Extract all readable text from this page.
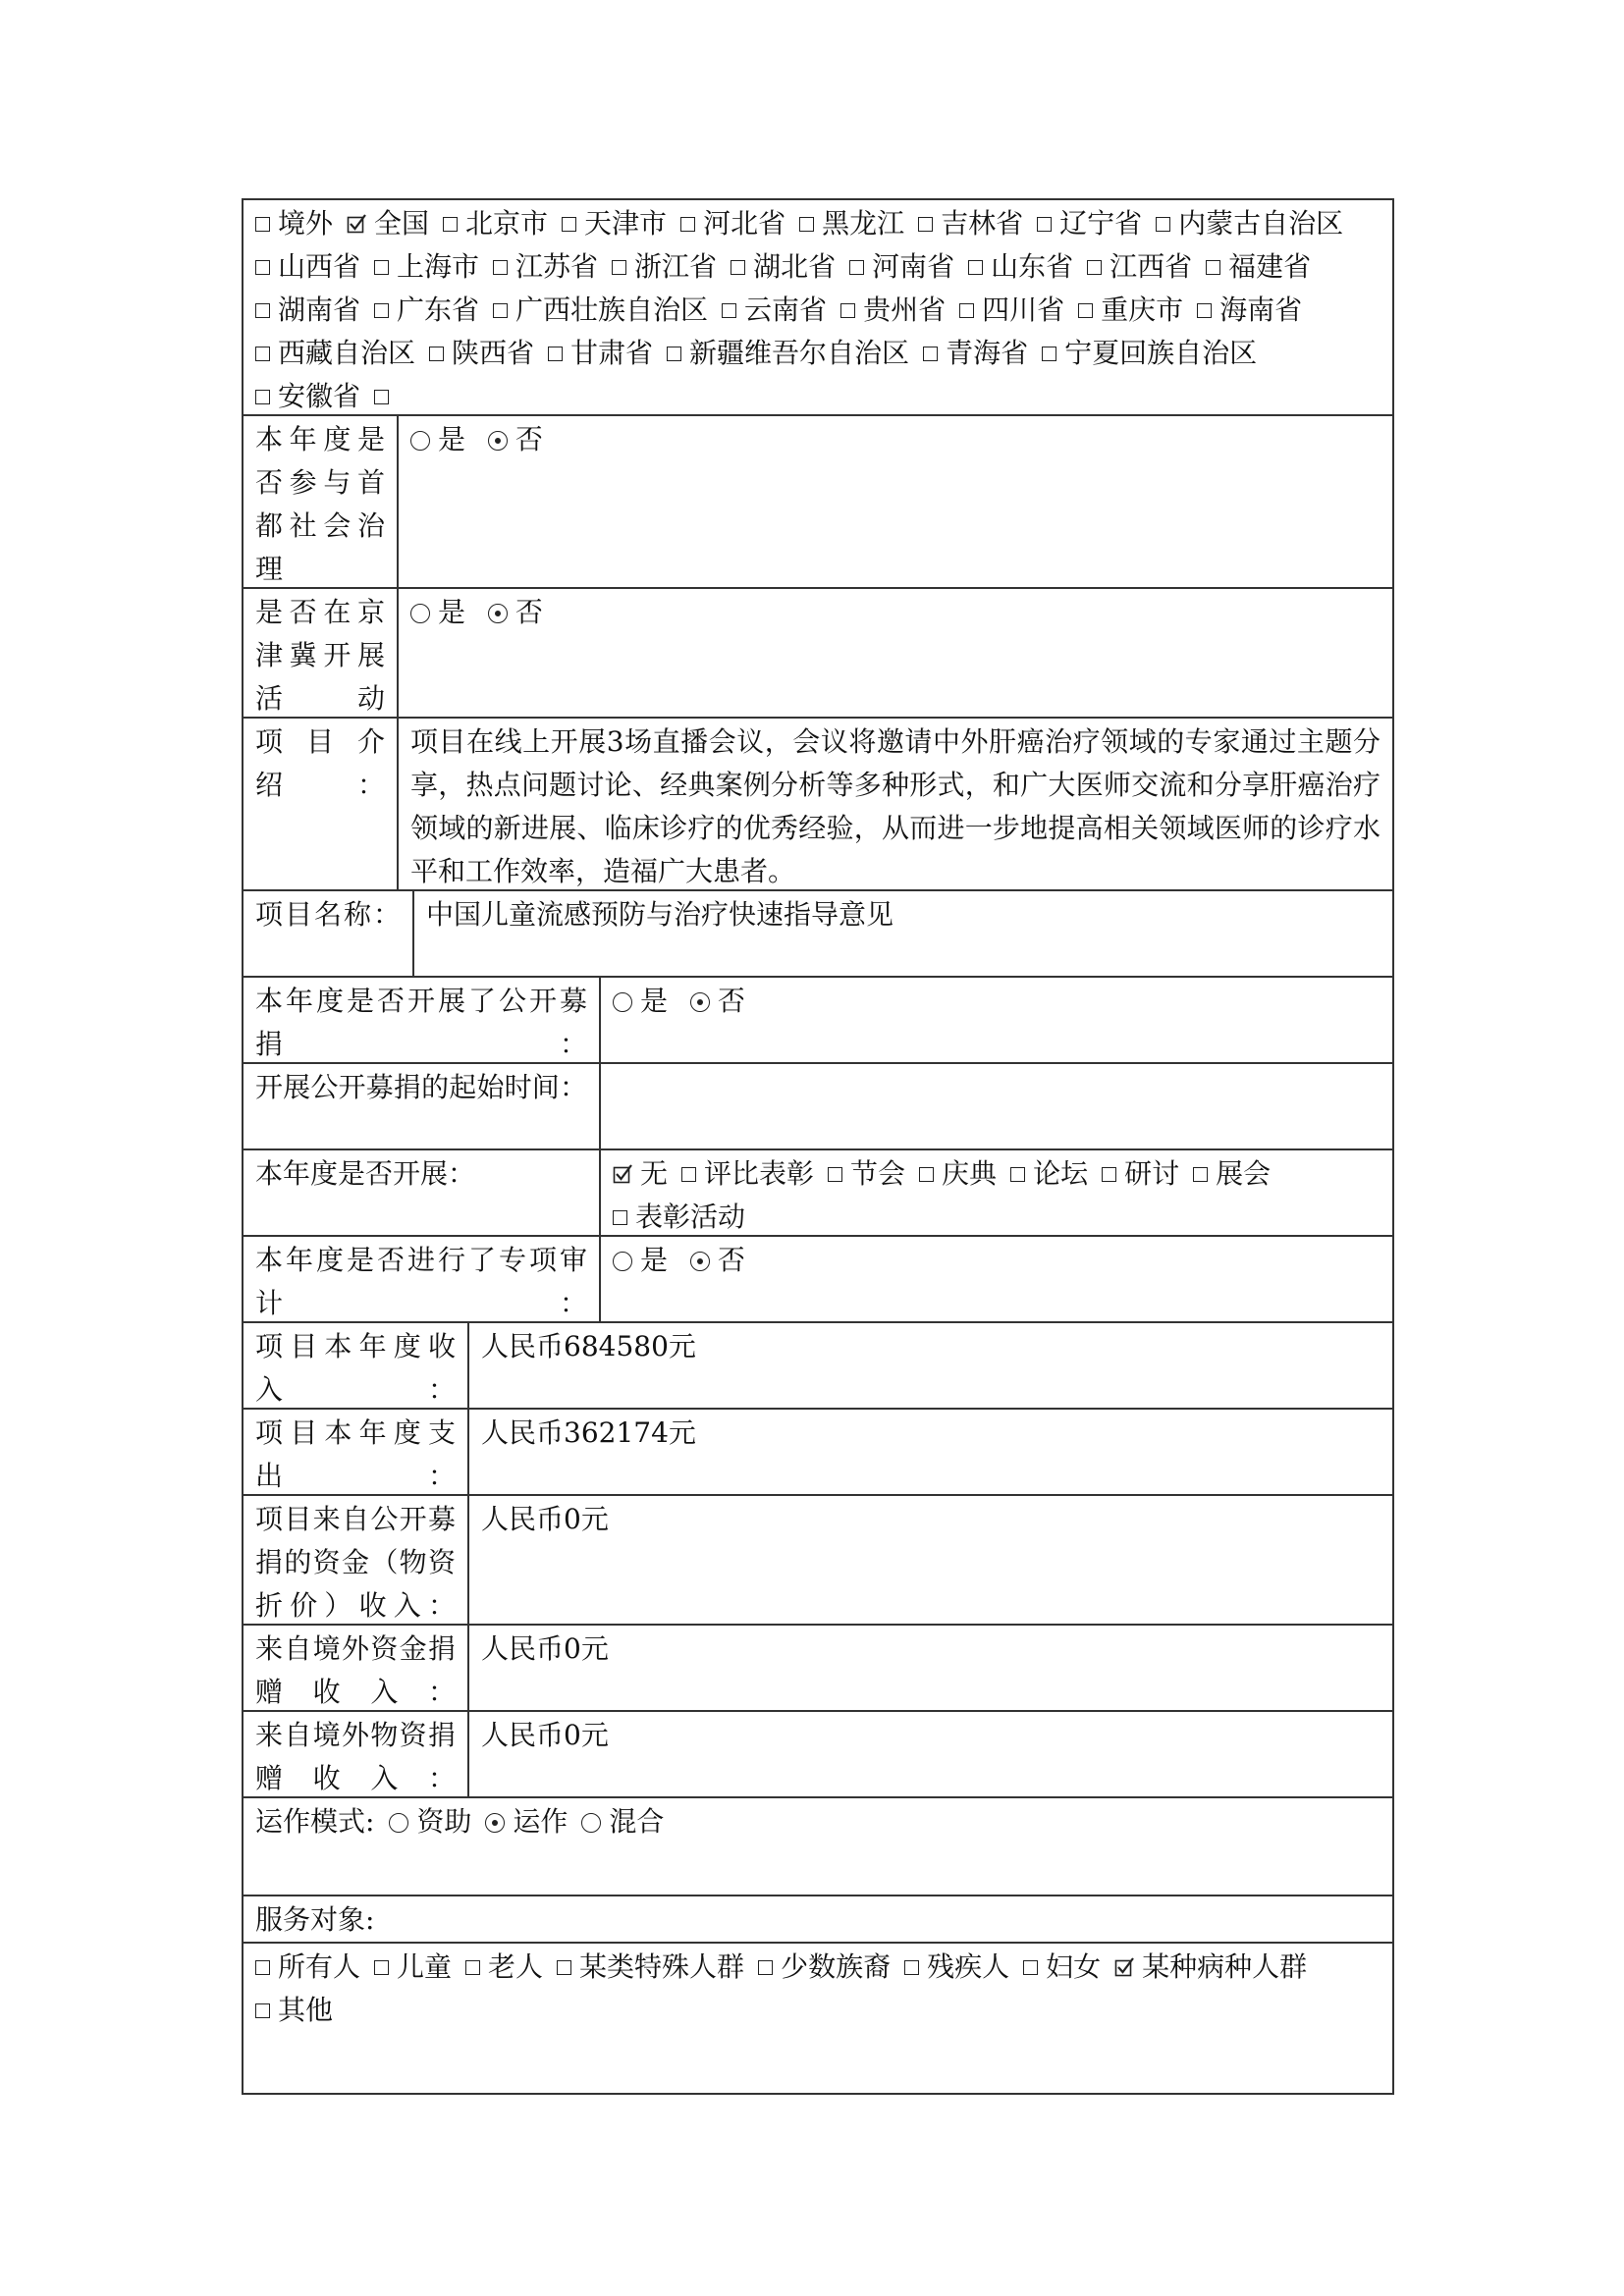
境外 全国 北京市 天津市 河北省 黑龙江 吉林省 辽宁省 内蒙古自治区山西省 上海市 江苏省 浙江省 湖北省 河南省 山东省 江西省 福建省湖南省 广东省 广西壮族自治区 云南省 贵州省 四川省 重庆市 海南省西藏自治区 陕西省 甘肃省 新疆维吾尔自治区 青海省 宁夏回族自治区安徽省
本年度是否参与首都社会治理
是 否
是否在京津冀开展活动
是 否
项目介绍：
项目在线上开展3场直播会议，会议将邀请中外肝癌治疗领域的专家通过主题分享，热点问题讨论、经典案例分析等多种形式，和广大医师交流和分享肝癌治疗领域的新进展、临床诊疗的优秀经验，从而进一步地提高相关领域医师的诊疗水平和工作效率，造福广大患者。
项目名称： 中国儿童流感预防与治疗快速指导意见
本年度是否开展了公开募捐：
是 否
开展公开募捐的起始时间：
本年度是否开展：	无 评比表彰 节会 庆典 论坛 研讨 展会表彰活动
本年度是否进行了专项审计：
是 否
项目本年度收入：
人民币684580元
项目本年度支出：
人民币362174元
项目来自公开募捐的资金（物资折价）收入：
人民币0元
来自境外资金捐赠收入：
人民币0元
来自境外物资捐赠收入：
人民币0元
运作模式: 资助 运作 混合
服务对象:
所有人 儿童 老人 某类特殊人群 少数族裔 残疾人 妇女 某种病种人群其他
